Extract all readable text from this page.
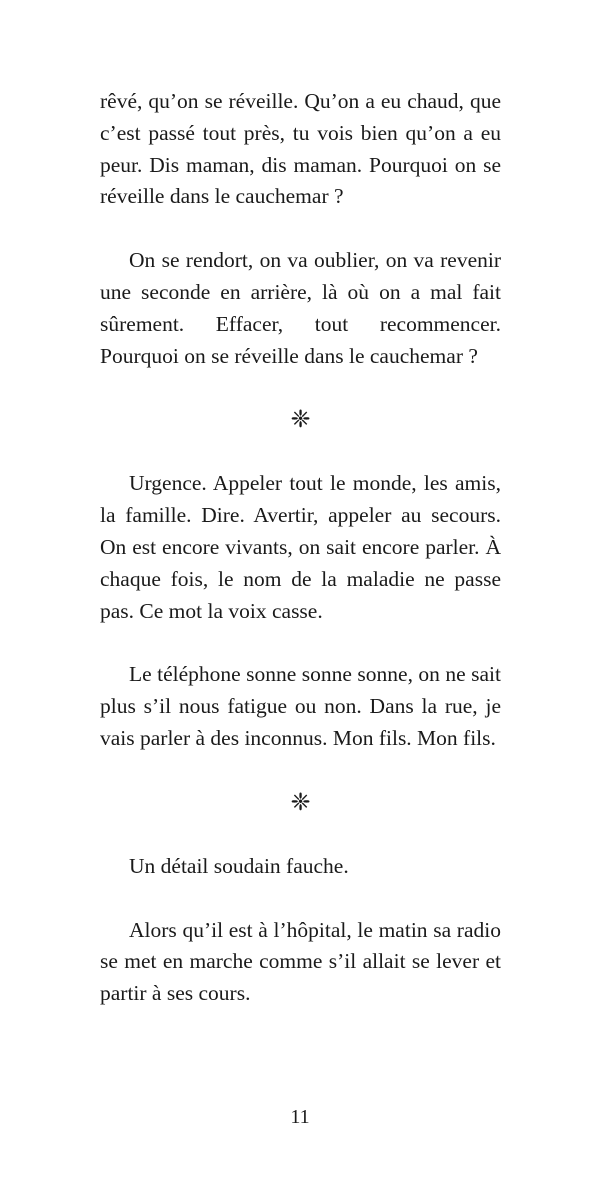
rêvé, qu’on se réveille. Qu’on a eu chaud, que c’est passé tout près, tu vois bien qu’on a eu peur. Dis maman, dis maman. Pourquoi on se réveille dans le cauchemar ?

On se rendort, on va oublier, on va revenir une seconde en arrière, là où on a mal fait sûrement. Effacer, tout recommencer. Pourquoi on se réveille dans le cauchemar ?

❈

Urgence. Appeler tout le monde, les amis, la famille. Dire. Avertir, appeler au secours. On est encore vivants, on sait encore parler. À chaque fois, le nom de la maladie ne passe pas. Ce mot la voix casse.

Le téléphone sonne sonne sonne, on ne sait plus s’il nous fatigue ou non. Dans la rue, je vais parler à des inconnus. Mon fils. Mon fils.

❈

Un détail soudain fauche.

Alors qu’il est à l’hôpital, le matin sa radio se met en marche comme s’il allait se lever et partir à ses cours.

11
